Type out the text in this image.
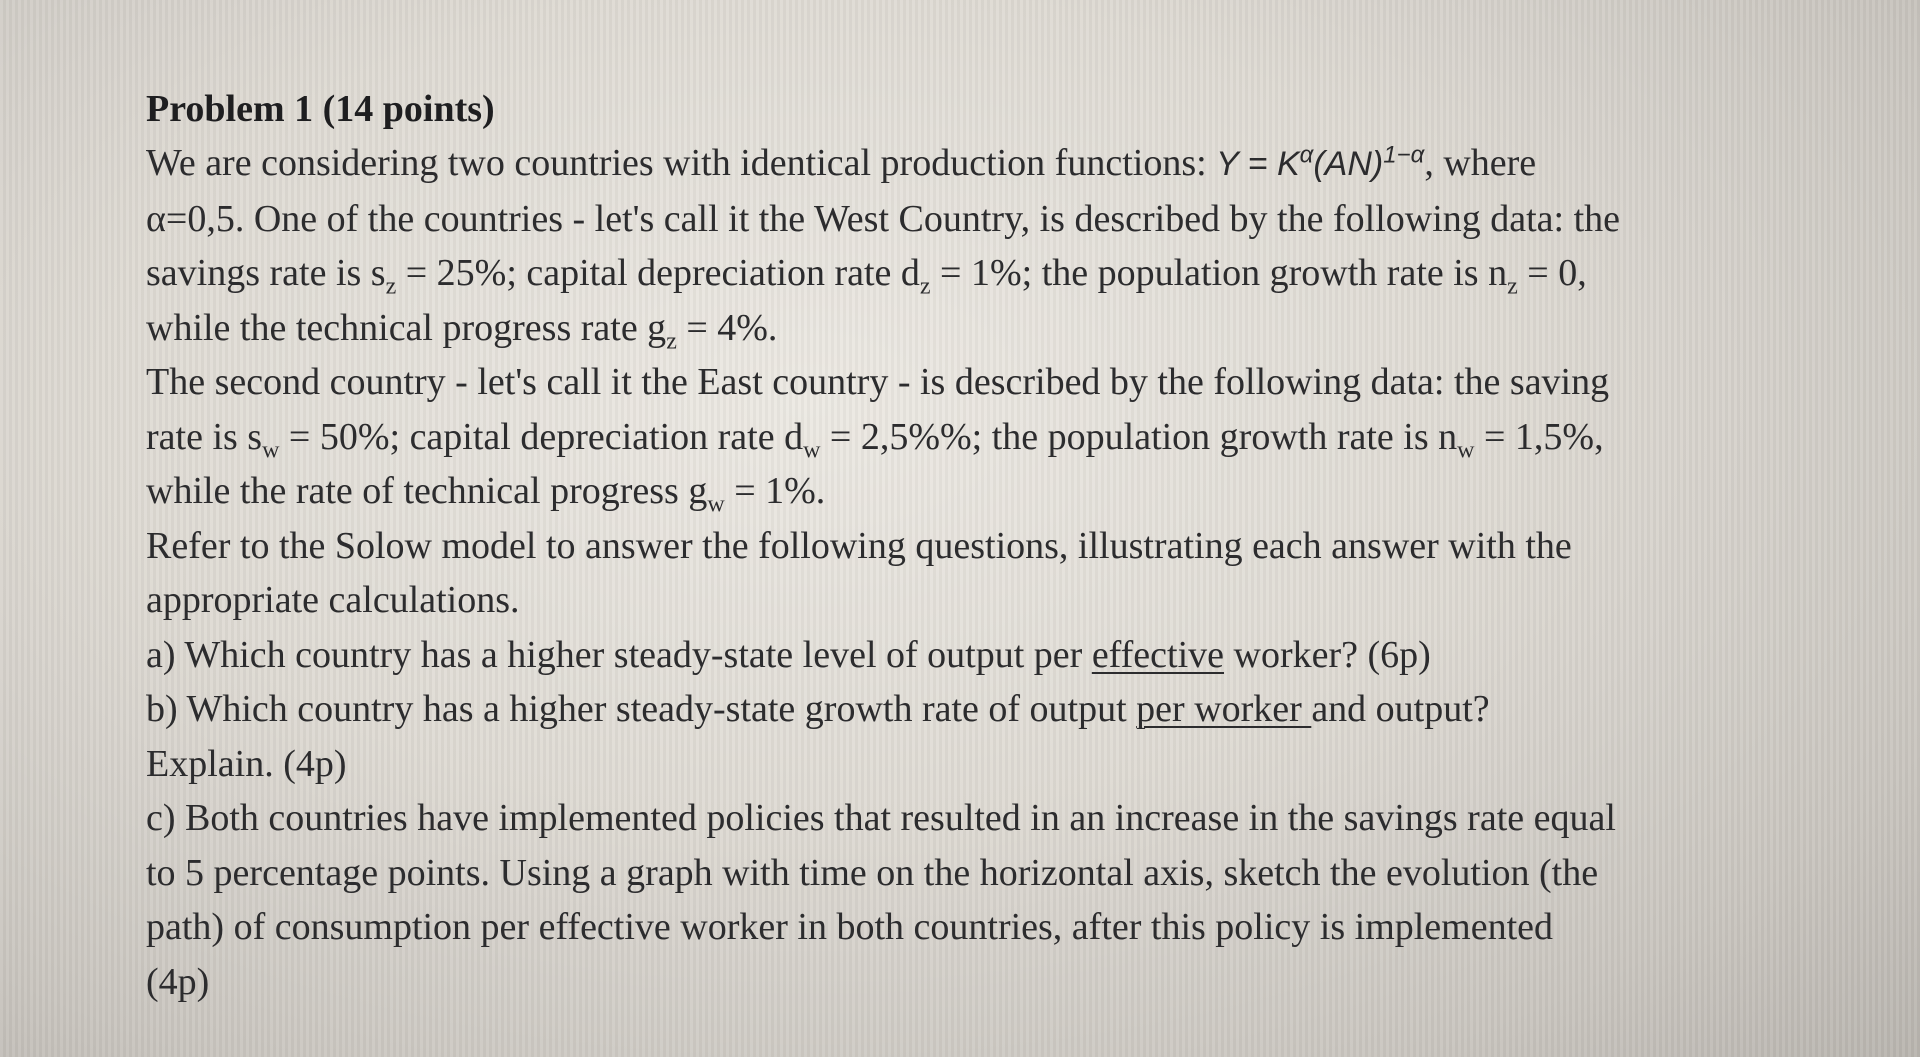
Problem 1 (14 points)
We are considering two countries with identical production functions: $Y = K^\alpha(AN)^{1-\alpha}$, where
α=0,5. One of the countries - let's call it the West Country, is described by the following data: the
savings rate is $s_z = 25\%$; capital depreciation rate $d_z = 1\%$; the population growth rate is $n_z = 0$,
while the technical progress rate $g_z = 4\%$.
The second country - let's call it the East country - is described by the following data: the saving
rate is $s_w = 50\%$; capital depreciation rate $d_w = 2,5\%\%$; the population growth rate is $n_w = 1,5\%$,
while the rate of technical progress $g_w = 1\%$.
Refer to the Solow model to answer the following questions, illustrating each answer with the
appropriate calculations.
a) Which country has a higher steady-state level of output per effective worker? (6p)
b) Which country has a higher steady-state growth rate of output per worker and output?
Explain. (4p)
c) Both countries have implemented policies that resulted in an increase in the savings rate equal
to 5 percentage points. Using a graph with time on the horizontal axis, sketch the evolution (the
path) of consumption per effective worker in both countries, after this policy is implemented
(4p)
